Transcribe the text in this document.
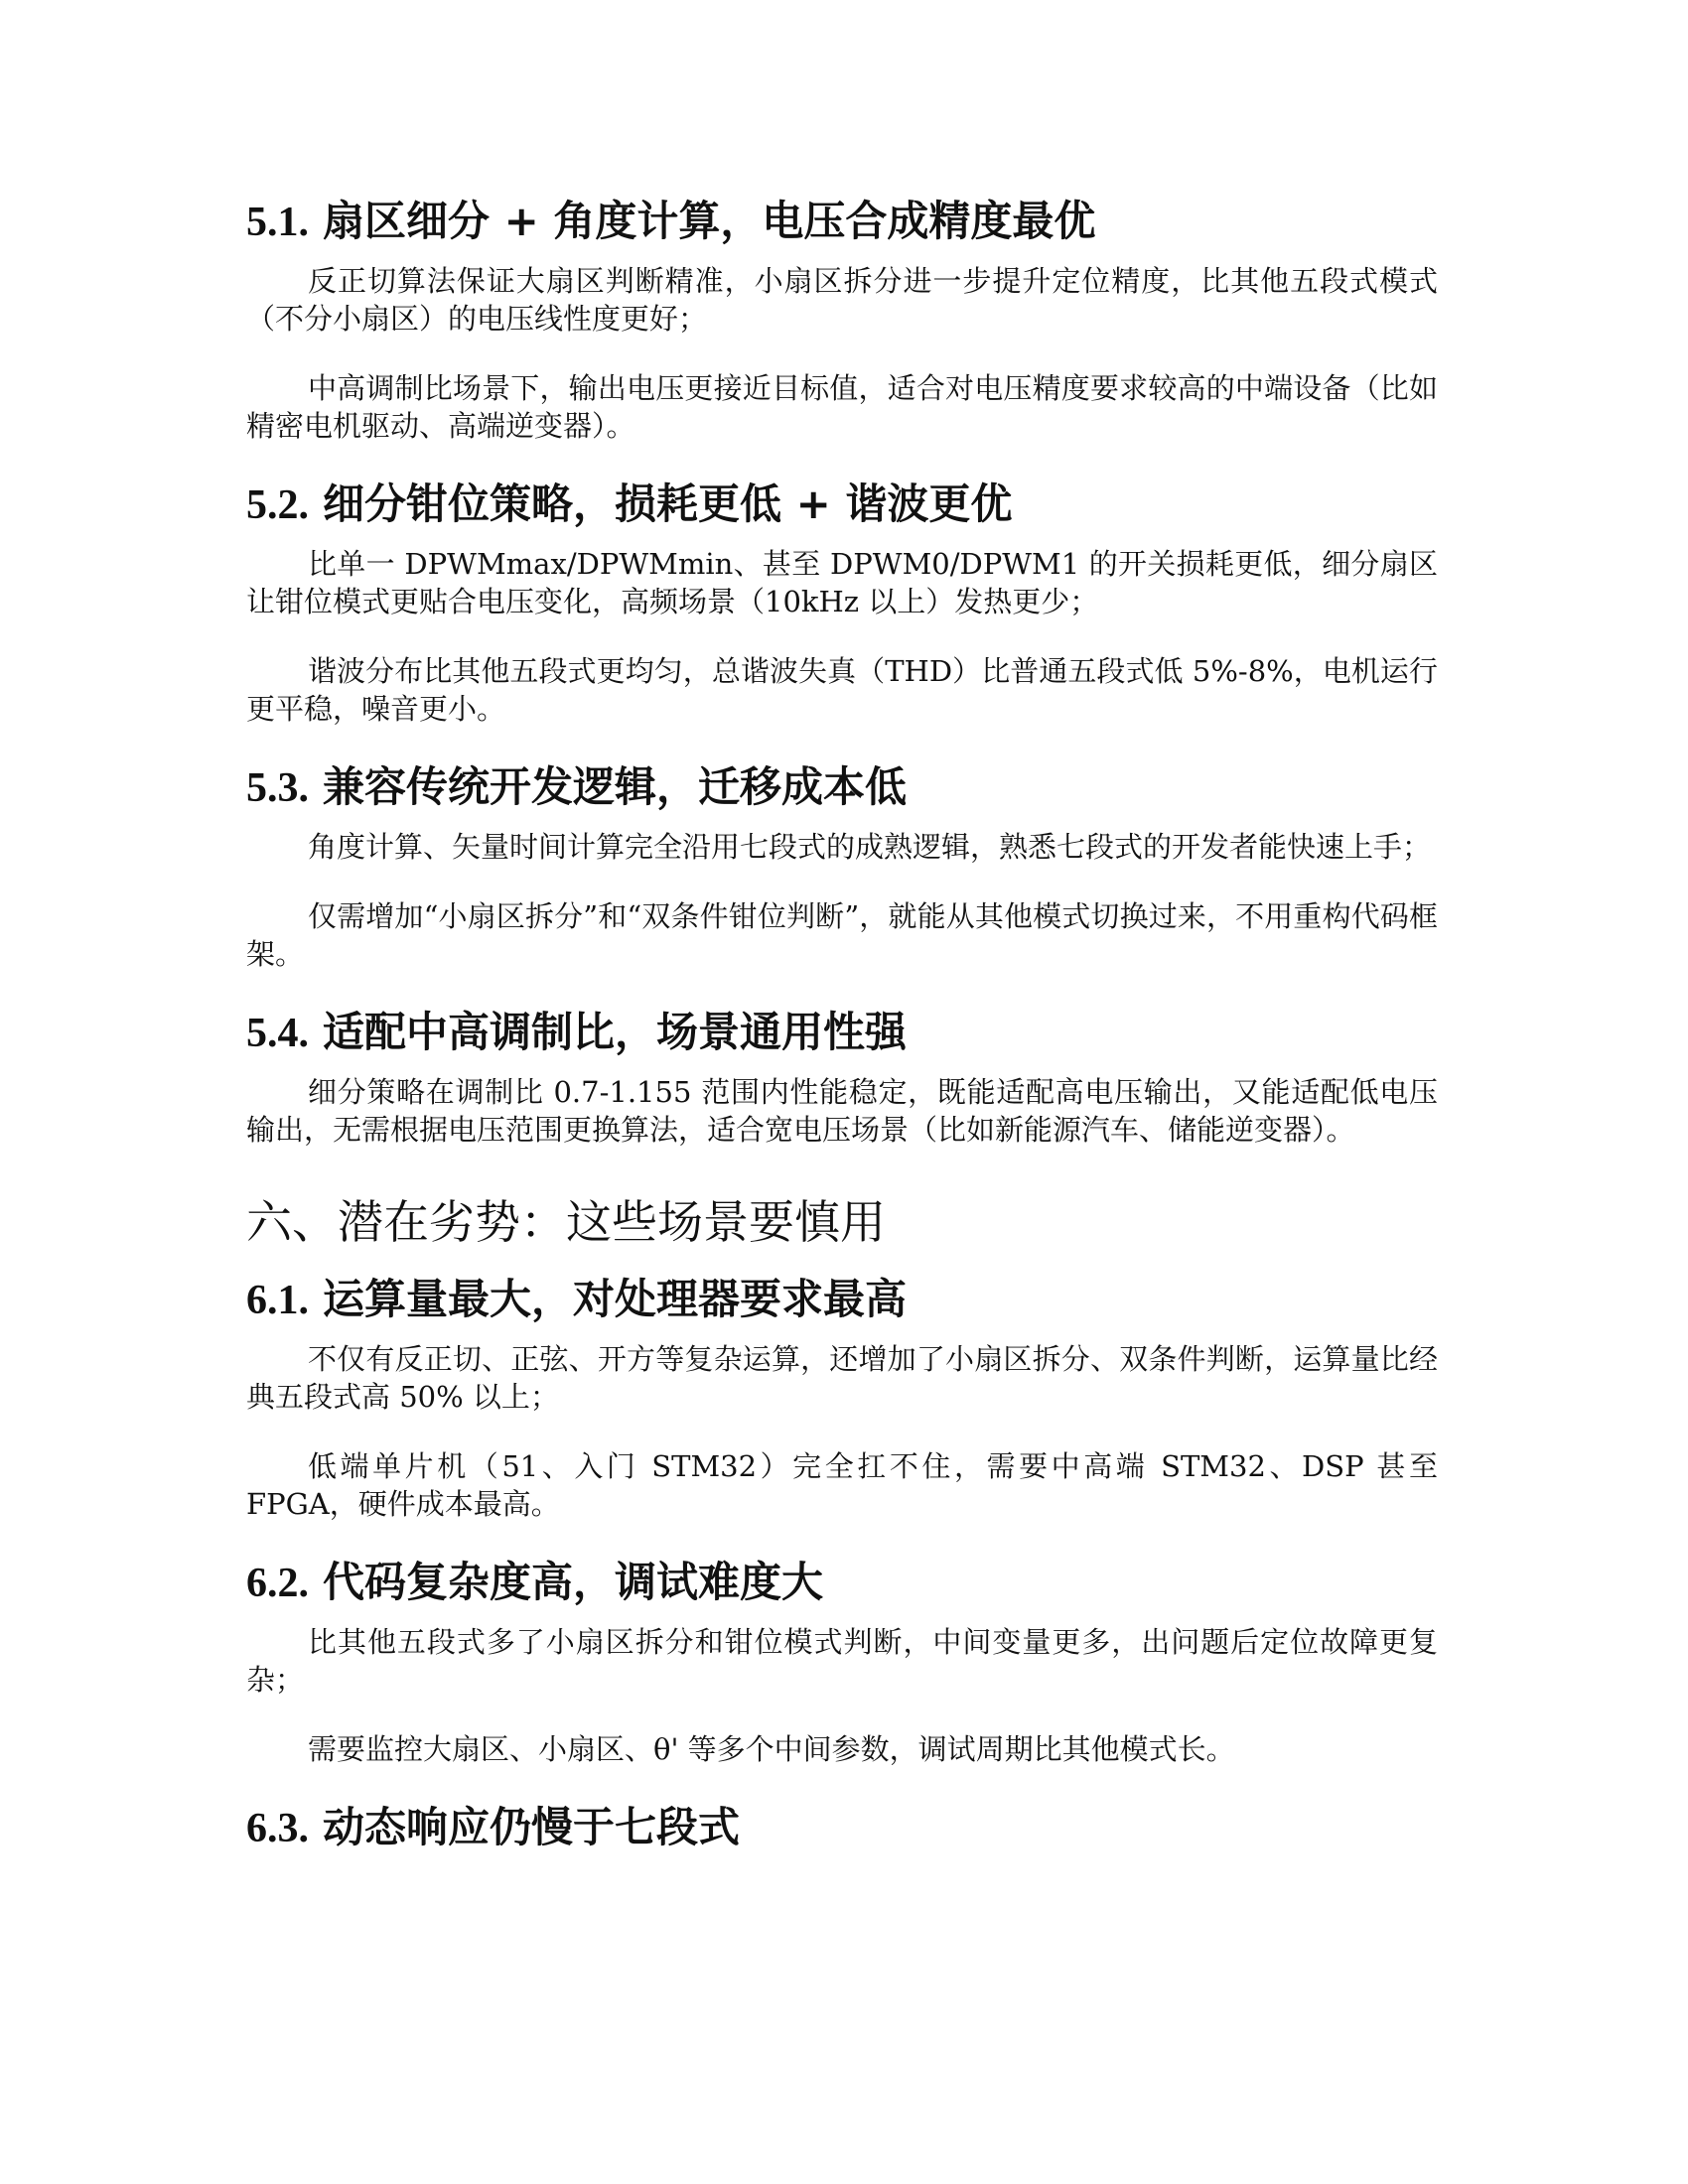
5.1. 扇区细分 + 角度计算，电压合成精度最优

反正切算法保证大扇区判断精准，小扇区拆分进一步提升定位精度，比其他五段式模式（不分小扇区）的电压线性度更好；

中高调制比场景下，输出电压更接近目标值，适合对电压精度要求较高的中端设备（比如精密电机驱动、高端逆变器）。

5.2. 细分钳位策略，损耗更低 + 谐波更优

比单一 DPWMmax/DPWMmin、甚至 DPWM0/DPWM1 的开关损耗更低，细分扇区让钳位模式更贴合电压变化，高频场景（10kHz 以上）发热更少；

谐波分布比其他五段式更均匀，总谐波失真（THD）比普通五段式低 5%-8%，电机运行更平稳，噪音更小。

5.3. 兼容传统开发逻辑，迁移成本低

角度计算、矢量时间计算完全沿用七段式的成熟逻辑，熟悉七段式的开发者能快速上手；

仅需增加“小扇区拆分”和“双条件钳位判断”，就能从其他模式切换过来，不用重构代码框架。

5.4. 适配中高调制比，场景通用性强

细分策略在调制比 0.7-1.155 范围内性能稳定，既能适配高电压输出，又能适配低电压输出，无需根据电压范围更换算法，适合宽电压场景（比如新能源汽车、储能逆变器）。

六、潜在劣势：这些场景要慎用
6.1. 运算量最大，对处理器要求最高

不仅有反正切、正弦、开方等复杂运算，还增加了小扇区拆分、双条件判断，运算量比经典五段式高 50% 以上；

低端单片机（51、入门 STM32）完全扛不住，需要中高端 STM32、DSP 甚至 FPGA，硬件成本最高。

6.2. 代码复杂度高，调试难度大

比其他五段式多了小扇区拆分和钳位模式判断，中间变量更多，出问题后定位故障更复杂；

需要监控大扇区、小扇区、θ' 等多个中间参数，调试周期比其他模式长。

6.3. 动态响应仍慢于七段式
